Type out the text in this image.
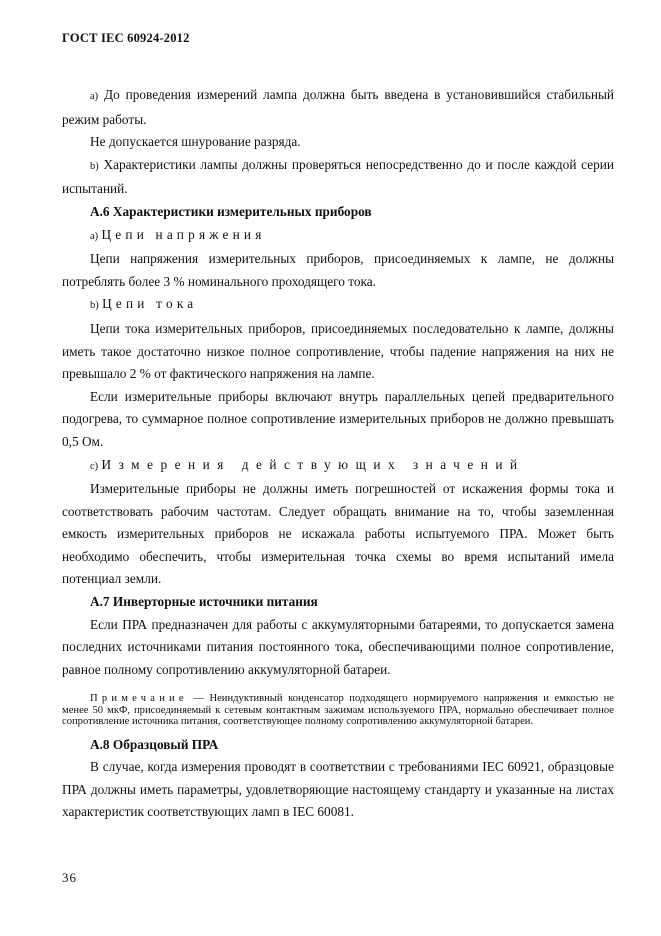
ГОСТ IEC 60924-2012

a) До проведения измерений лампа должна быть введена в установившийся стабильный режим работы.

Не допускается шнурование разряда.

b) Характеристики лампы должны проверяться непосредственно до и после каждой серии испытаний.

А.6 Характеристики измерительных приборов

a) Цепи напряжения

Цепи напряжения измерительных приборов, присоединяемых к лампе, не должны потреблять более 3 % номинального проходящего тока.

b) Цепи тока

Цепи тока измерительных приборов, присоединяемых последовательно к лампе, должны иметь такое достаточно низкое полное сопротивление, чтобы падение напряжения на них не превышало 2 % от фактического напряжения на лампе.

Если измерительные приборы включают внутрь параллельных цепей предварительного подогрева, то суммарное полное сопротивление измерительных приборов не должно превышать 0,5 Ом.

c) Измерения действующих значений

Измерительные приборы не должны иметь погрешностей от искажения формы тока и соответствовать рабочим частотам. Следует обращать внимание на то, чтобы заземленная емкость измерительных приборов не искажала работы испытуемого ПРА. Может быть необходимо обеспечить, чтобы измерительная точка схемы во время испытаний имела потенциал земли.

А.7 Инверторные источники питания

Если ПРА предназначен для работы с аккумуляторными батареями, то допускается замена последних источниками питания постоянного тока, обеспечивающими полное сопротивление, равное полному сопротивлению аккумуляторной батареи.

Примечание — Неиндуктивный конденсатор подходящего нормируемого напряжения и емкостью не менее 50 мкФ, присоединяемый к сетевым контактным зажимам используемого ПРА, нормально обеспечивает полное сопротивление источника питания, соответствующее полному сопротивлению аккумуляторной батареи.

А.8 Образцовый ПРА

В случае, когда измерения проводят в соответствии с требованиями IEC 60921, образцовые ПРА должны иметь параметры, удовлетворяющие настоящему стандарту и указанные на листах характеристик соответствующих ламп в IEC 60081.

36
